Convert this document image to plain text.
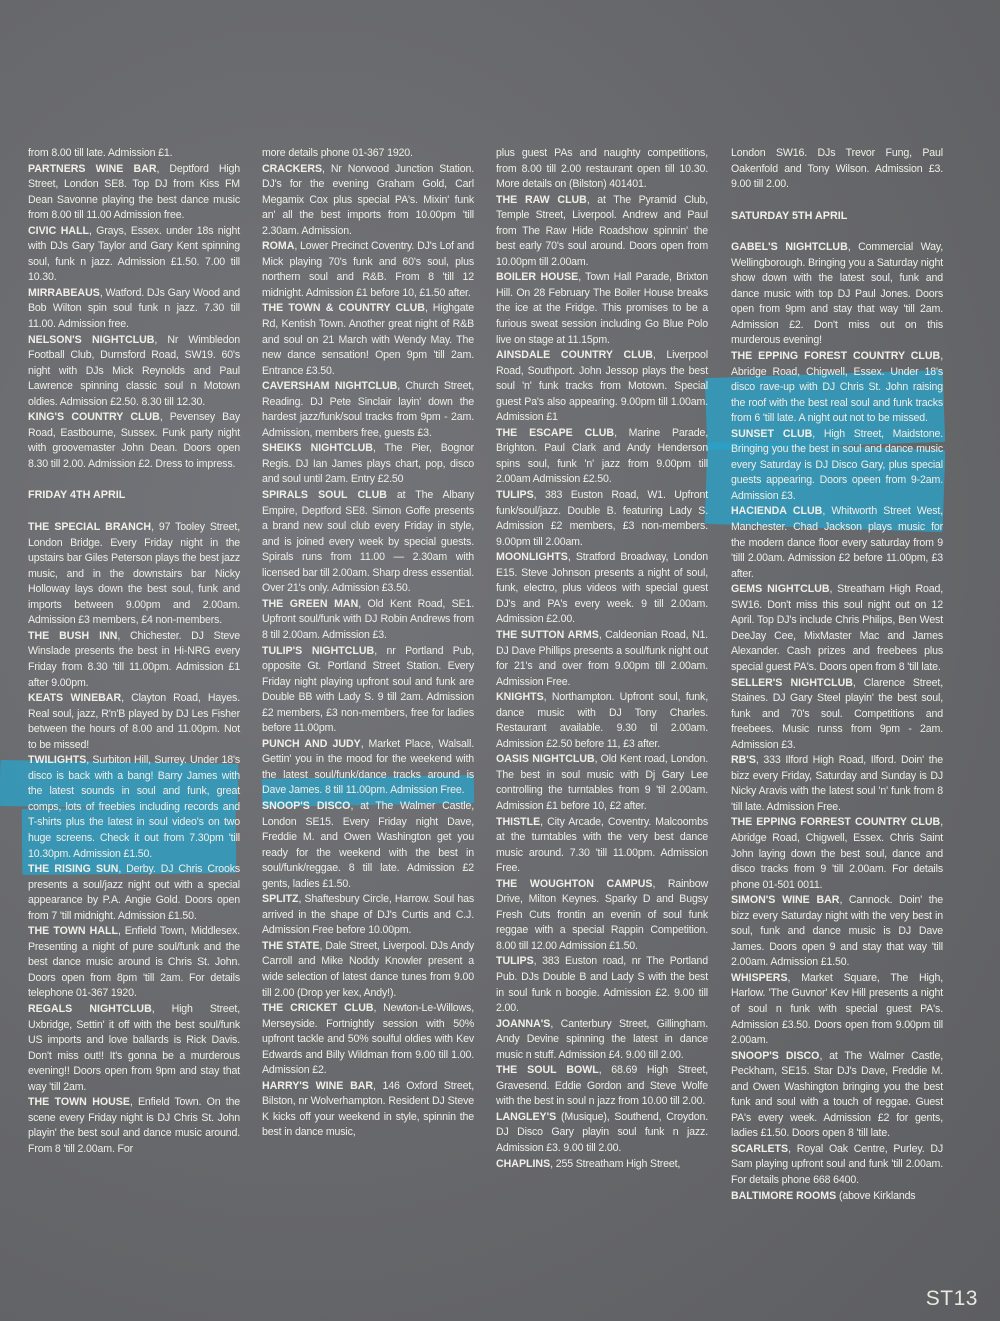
from 8.00 till late. Admission £1.

PARTNERS WINE BAR, Deptford High Street, London SE8. Top DJ from Kiss FM Dean Savonne playing the best dance music from 8.00 till 11.00 Admission free.

CIVIC HALL, Grays, Essex. under 18s night with DJs Gary Taylor and Gary Kent spinning soul, funk n jazz. Admission £1.50. 7.00 till 10.30.

MIRRABEAUS, Watford. DJs Gary Wood and Bob Wilton spin soul funk n jazz. 7.30 till 11.00. Admission free.

NELSON'S NIGHTCLUB, Nr Wimbledon Football Club, Durnsford Road, SW19. 60's night with DJs Mick Reynolds and Paul Lawrence spinning classic soul n Motown oldies. Admission £2.50. 8.30 till 12.30.

KING'S COUNTRY CLUB, Pevensey Bay Road, Eastbourne, Sussex. Funk party night with groovemaster John Dean. Doors open 8.30 till 2.00. Admission £2. Dress to impress.

FRIDAY 4TH APRIL

THE SPECIAL BRANCH, 97 Tooley Street, London Bridge. Every Friday night in the upstairs bar Giles Peterson plays the best jazz music, and in the downstairs bar Nicky Holloway lays down the best soul, funk and imports between 9.00pm and 2.00am. Admission £3 members, £4 non-members.

THE BUSH INN, Chichester. DJ Steve Winslade presents the best in Hi-NRG every Friday from 8.30 'till 11.00pm. Admission £1 after 9.00pm.

KEATS WINEBAR, Clayton Road, Hayes. Real soul, jazz, R'n'B played by DJ Les Fisher between the hours of 8.00 and 11.00pm. Not to be missed!

TWILIGHTS, Surbiton Hill, Surrey. Under 18's disco is back with a bang! Barry James with the latest sounds in soul and funk, great comps, lots of freebies including records and T-shirts plus the latest in soul video's on two huge screens. Check it out from 7.30pm 'till 10.30pm. Admission £1.50.

THE RISING SUN, Derby. DJ Chris Crooks presents a soul/jazz night out with a special appearance by P.A. Angie Gold. Doors open from 7 'till midnight. Admission £1.50.

THE TOWN HALL, Enfield Town, Middlesex. Presenting a night of pure soul/funk and the best dance music around is Chris St. John. Doors open from 8pm 'till 2am. For details telephone 01-367 1920.

REGALS NIGHTCLUB, High Street, Uxbridge, Settin' it off with the best soul/funk US imports and love ballards is Rick Davis. Don't miss out!! It's gonna be a murderous evening!! Doors open from 9pm and stay that way 'till 2am.

THE TOWN HOUSE, Enfield Town. On the scene every Friday night is DJ Chris St. John playin' the best soul and dance music around. From 8 'till 2.00am. For

more details phone 01-367 1920.

CRACKERS, Nr Norwood Junction Station. DJ's for the evening Graham Gold, Carl Megamix Cox plus special PA's. Mixin' funk an' all the best imports from 10.00pm 'till 2.30am. Admission.

ROMA, Lower Precinct Coventry. DJ's Lof and Mick playing 70's funk and 60's soul, plus northern soul and R&B. From 8 'till 12 midnight. Admission £1 before 10, £1.50 after.

THE TOWN & COUNTRY CLUB, Highgate Rd, Kentish Town. Another great night of R&B and soul on 21 March with Wendy May. The new dance sensation! Open 9pm 'till 2am. Entrance £3.50.

CAVERSHAM NIGHTCLUB, Church Street, Reading. DJ Pete Sinclair layin' down the hardest jazz/funk/soul tracks from 9pm - 2am. Admission, members free, guests £3.

SHEIKS NIGHTCLUB, The Pier, Bognor Regis. DJ Ian James plays chart, pop, disco and soul until 2am. Entry £2.50

SPIRALS SOUL CLUB at The Albany Empire, Deptford SE8. Simon Goffe presents a brand new soul club every Friday in style, and is joined every week by special guests. Spirals runs from 11.00 — 2.30am with licensed bar till 2.00am. Sharp dress essential. Over 21's only. Admission £3.50.

THE GREEN MAN, Old Kent Road, SE1. Upfront soul/funk with DJ Robin Andrews from 8 till 2.00am. Admission £3.

TULIP'S NIGHTCLUB, nr Portland Pub, opposite Gt. Portland Street Station. Every Friday night playing upfront soul and funk are Double BB with Lady S. 9 till 2am. Admission £2 members, £3 non-members, free for ladies before 11.00pm.

PUNCH AND JUDY, Market Place, Walsall. Gettin' you in the mood for the weekend with the latest soul/funk/dance tracks around is Dave James. 8 till 11.00pm. Admission Free.

SNOOP'S DISCO, at The Walmer Castle, London SE15. Every Friday night Dave, Freddie M. and Owen Washington get you ready for the weekend with the best in soul/funk/reggae. 8 till late. Admission £2 gents, ladies £1.50.

SPLITZ, Shaftesbury Circle, Harrow. Soul has arrived in the shape of DJ's Curtis and C.J. Admission Free before 10.00pm.

THE STATE, Dale Street, Liverpool. DJs Andy Carroll and Mike Noddy Knowler present a wide selection of latest dance tunes from 9.00 till 2.00 (Drop yer kex, Andy!).

THE CRICKET CLUB, Newton-Le-Willows, Merseyside. Fortnightly session with 50% upfront tackle and 50% soulful oldies with Kev Edwards and Billy Wildman from 9.00 till 1.00. Admission £2.

HARRY'S WINE BAR, 146 Oxford Street, Bilston, nr Wolverhampton. Resident DJ Steve K kicks off your weekend in style, spinnin the best in dance music,

plus guest PAs and naughty competitions, from 8.00 till 2.00 restaurant open till 10.30. More details on (Bilston) 401401.

THE RAW CLUB, at The Pyramid Club, Temple Street, Liverpool. Andrew and Paul from The Raw Hide Roadshow spinnin' the best early 70's soul around. Doors open from 10.00pm till 2.00am.

BOILER HOUSE, Town Hall Parade, Brixton Hill. On 28 February The Boiler House breaks the ice at the Fridge. This promises to be a furious sweat session including Go Blue Polo live on stage at 11.15pm.

AINSDALE COUNTRY CLUB, Liverpool Road, Southport. John Jessop plays the best soul 'n' funk tracks from Motown. Special guest Pa's also appearing. 9.00pm till 1.00am. Admission £1

THE ESCAPE CLUB, Marine Parade, Brighton. Paul Clark and Andy Henderson spins soul, funk 'n' jazz from 9.00pm till 2.00am Admission £2.50.

TULIPS, 383 Euston Road, W1. Upfront funk/soul/jazz. Double B. featuring Lady S. Admission £2 members, £3 non-members. 9.00pm till 2.00am.

MOONLIGHTS, Stratford Broadway, London E15. Steve Johnson presents a night of soul, funk, electro, plus videos with special guest DJ's and PA's every week. 9 till 2.00am. Admission £2.00.

THE SUTTON ARMS, Caldeonian Road, N1. DJ Dave Phillips presents a soul/funk night out for 21's and over from 9.00pm till 2.00am. Admission Free.

KNIGHTS, Northampton. Upfront soul, funk, dance music with DJ Tony Charles. Restaurant available. 9.30 til 2.00am. Admission £2.50 before 11, £3 after.

OASIS NIGHTCLUB, Old Kent road, London. The best in soul music with Dj Gary Lee controlling the turntables from 9 'til 2.00am. Admission £1 before 10, £2 after.

THISTLE, City Arcade, Coventry. Malcoombs at the turntables with the very best dance music around. 7.30 'till 11.00pm. Admission Free.

THE WOUGHTON CAMPUS, Rainbow Drive, Milton Keynes. Sparky D and Bugsy Fresh Cuts frontin an evenin of soul funk reggae with a special Rappin Competition. 8.00 till 12.00 Admission £1.50.

TULIPS, 383 Euston road, nr The Portland Pub. DJs Double B and Lady S with the best in soul funk n boogie. Admission £2. 9.00 till 2.00.

JOANNA'S, Canterbury Street, Gillingham. Andy Devine spinning the latest in dance music n stuff. Admission £4. 9.00 till 2.00.

THE SOUL BOWL, 68.69 High Street, Gravesend. Eddie Gordon and Steve Wolfe with the best in soul n jazz from 10.00 till 2.00.

LANGLEY'S (Musique), Southend, Croydon. DJ Disco Gary playin soul funk n jazz. Admission £3. 9.00 till 2.00.

CHAPLINS, 255 Streatham High Street,

London SW16. DJs Trevor Fung, Paul Oakenfold and Tony Wilson. Admission £3. 9.00 till 2.00.

SATURDAY 5TH APRIL

GABEL'S NIGHTCLUB, Commercial Way, Wellingborough. Bringing you a Saturday night show down with the latest soul, funk and dance music with top DJ Paul Jones. Doors open from 9pm and stay that way 'till 2am. Admission £2. Don't miss out on this murderous evening!

THE EPPING FOREST COUNTRY CLUB, Abridge Road, Chigwell, Essex. Under 18's disco rave-up with DJ Chris St. John raising the roof with the best real soul and funk tracks from 6 'till late. A night out not to be missed.

SUNSET CLUB, High Street, Maidstone. Bringing you the best in soul and dance music every Saturday is DJ Disco Gary, plus special guests appearing. Doors opeen from 9-2am. Admission £3.

HACIENDA CLUB, Whitworth Street West, Manchester. Chad Jackson plays music for the modern dance floor every saturday from 9 'tilll 2.00am. Admission £2 before 11.00pm, £3 after.

GEMS NIGHTCLUB, Streatham High Road, SW16. Don't miss this soul night out on 12 April. Top DJ's include Chris Philips, Ben West DeeJay Cee, MixMaster Mac and James Alexander. Cash prizes and freebees plus special guest PA's. Doors open from 8 'till late.

SELLER'S NIGHTCLUB, Clarence Street, Staines. DJ Gary Steel playin' the best soul, funk and 70's soul. Competitions and freebees. Music runss from 9pm - 2am. Admission £3.

RB'S, 333 Ilford High Road, Ilford. Doin' the bizz every Friday, Saturday and Sunday is DJ Nicky Aravis with the latest soul 'n' funk from 8 'till late. Admission Free.

THE EPPING FORREST COUNTRY CLUB, Abridge Road, Chigwell, Essex. Chris Saint John laying down the best soul, dance and disco tracks from 9 'till 2.00am. For details phone 01-501 0011.

SIMON'S WINE BAR, Cannock. Doin' the bizz every Saturday night with the very best in soul, funk and dance music is DJ Dave James. Doors open 9 and stay that way 'till 2.00am. Admission £1.50.

WHISPERS, Market Square, The High, Harlow. 'The Guvnor' Kev Hill presents a night of soul n funk with special guest PA's. Admission £3.50. Doors open from 9.00pm till 2.00am.

SNOOP'S DISCO, at The Walmer Castle, Peckham, SE15. Star DJ's Dave, Freddie M. and Owen Washington bringing you the best funk and soul with a touch of reggae. Guest PA's every week. Admission £2 for gents, ladies £1.50. Doors open 8 'till late.

SCARLETS, Royal Oak Centre, Purley. DJ Sam playing upfront soul and funk 'till 2.00am. For details phone 668 6400.

BALTIMORE ROOMS (above Kirklands

ST13
